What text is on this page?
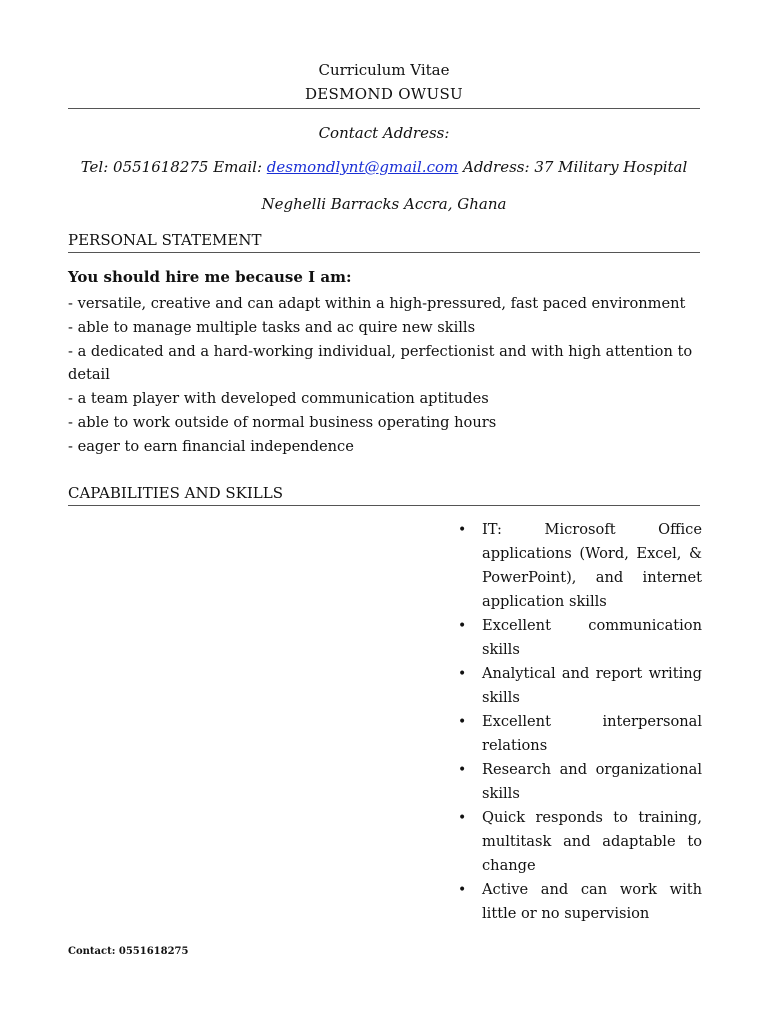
Curriculum Vitae
DESMOND OWUSU
Contact Address:
Tel: 0551618275 Email: desmondlynt@gmail.com Address: 37 Military Hospital
Neghelli Barracks Accra, Ghana
PERSONAL STATEMENT
You should hire me because I am:
- versatile, creative and can adapt within a high-pressured, fast paced environment
- able to manage multiple tasks and ac quire new skills
- a dedicated and a hard-working individual, perfectionist and with high attention to detail
- a team player with developed communication aptitudes
- able to work outside of normal business operating hours
- eager to earn financial independence
CAPABILITIES AND SKILLS
• IT: Microsoft Office applications (Word, Excel, & PowerPoint), and internet application skills
• Excellent communication skills
• Analytical and report writing skills
• Excellent interpersonal relations
• Research and organizational skills
• Quick responds to training, multitask and adaptable to change
• Active and can work with little or no supervision
Contact: 0551618275
